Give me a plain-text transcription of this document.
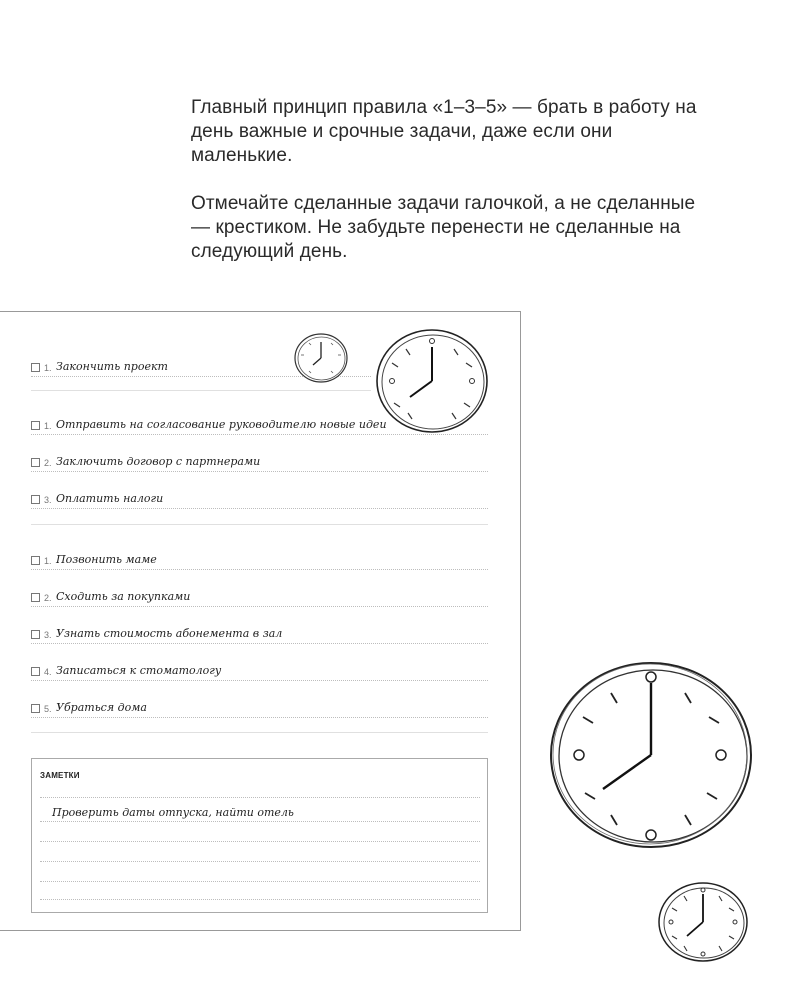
Главный принцип правила «1–3–5» — брать в работу на день важные и срочные задачи, даже если они маленькие.

Отмечайте сделанные задачи галочкой, а не сделанные — крестиком. Не забудьте перенести не сделанные на следующий день.

1. Закончить проект
1. Отправить на согласование руководителю новые идеи
2. Заключить договор с партнерами
3. Оплатить налоги
1. Позвонить маме
2. Сходить за покупками
3. Узнать стоимость абонемента в зал
4. Записаться к стоматологу
5. Убраться дома
ЗАМЕТКИ
Проверить даты отпуска, найти отель
